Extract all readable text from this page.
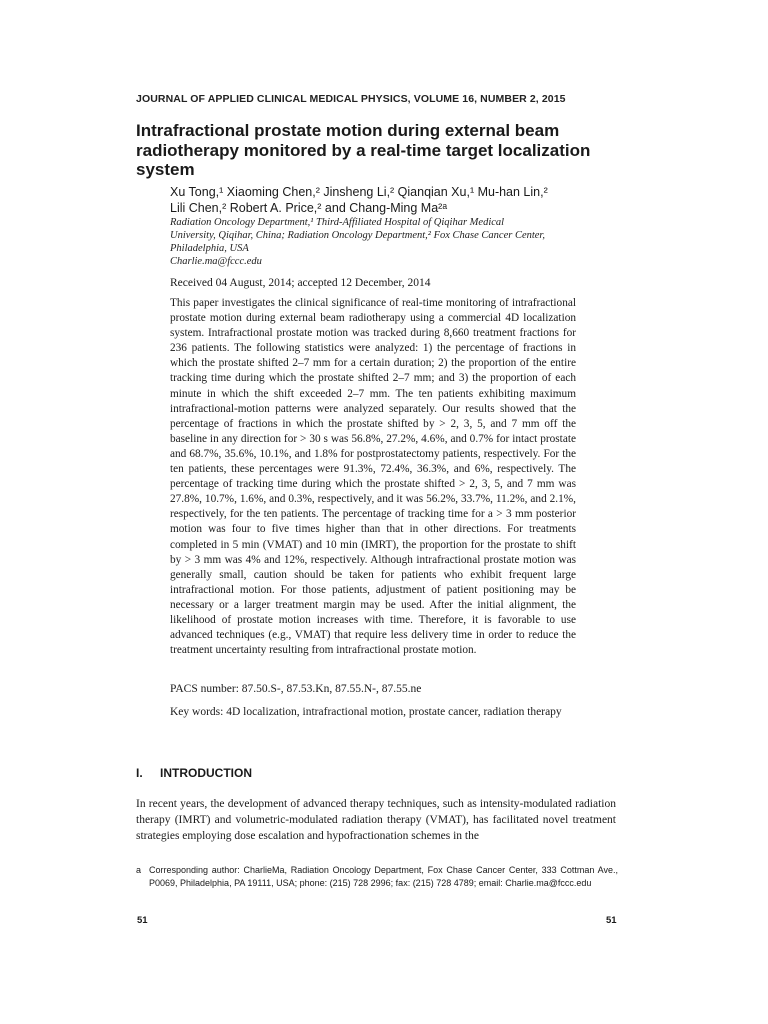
JOURNAL OF APPLIED CLINICAL MEDICAL PHYSICS, VOLUME 16, NUMBER 2, 2015
Intrafractional prostate motion during external beam radiotherapy monitored by a real-time target localization system
Xu Tong,¹ Xiaoming Chen,² Jinsheng Li,² Qianqian Xu,¹ Mu-han Lin,²
Lili Chen,² Robert A. Price,² and Chang-Ming Ma²ᵃ
Radiation Oncology Department,¹ Third-Affiliated Hospital of Qiqihar Medical
University, Qiqihar, China; Radiation Oncology Department,² Fox Chase Cancer Center,
Philadelphia, USA
Charlie.ma@fccc.edu
Received 04 August, 2014; accepted 12 December, 2014

This paper investigates the clinical significance of real-time monitoring of intrafractional prostate motion during external beam radiotherapy using a commercial 4D localization system. Intrafractional prostate motion was tracked during 8,660 treatment fractions for 236 patients. The following statistics were analyzed: 1) the percentage of fractions in which the prostate shifted 2–7 mm for a certain duration; 2) the proportion of the entire tracking time during which the prostate shifted 2–7 mm; and 3) the proportion of each minute in which the shift exceeded 2–7 mm. The ten patients exhibiting maximum intrafractional-motion patterns were analyzed separately. Our results showed that the percentage of fractions in which the prostate shifted by > 2, 3, 5, and 7 mm off the baseline in any direction for > 30 s was 56.8%, 27.2%, 4.6%, and 0.7% for intact prostate and 68.7%, 35.6%, 10.1%, and 1.8% for postprostatectomy patients, respectively. For the ten patients, these percentages were 91.3%, 72.4%, 36.3%, and 6%, respectively. The percentage of tracking time during which the prostate shifted > 2, 3, 5, and 7 mm was 27.8%, 10.7%, 1.6%, and 0.3%, respectively, and it was 56.2%, 33.7%, 11.2%, and 2.1%, respectively, for the ten patients. The percentage of tracking time for a > 3 mm posterior motion was four to five times higher than that in other directions. For treatments completed in 5 min (VMAT) and 10 min (IMRT), the proportion for the prostate to shift by > 3 mm was 4% and 12%, respectively. Although intrafractional prostate motion was generally small, caution should be taken for patients who exhibit frequent large intrafractional motion. For those patients, adjustment of patient positioning may be necessary or a larger treatment margin may be used. After the initial alignment, the likelihood of prostate motion increases with time. Therefore, it is favorable to use advanced techniques (e.g., VMAT) that require less delivery time in order to reduce the treatment uncertainty resulting from intrafractional prostate motion.

PACS number: 87.50.S-, 87.53.Kn, 87.55.N-, 87.55.ne

Key words: 4D localization, intrafractional motion, prostate cancer, radiation therapy

I. INTRODUCTION

In recent years, the development of advanced therapy techniques, such as intensity-modulated radiation therapy (IMRT) and volumetric-modulated radiation therapy (VMAT), has facilitated novel treatment strategies employing dose escalation and hypofractionation schemes in the

a Corresponding author: CharlieMa, Radiation Oncology Department, Fox Chase Cancer Center, 333 Cottman Ave., P0069, Philadelphia, PA 19111, USA; phone: (215) 728 2996; fax: (215) 728 4789; email: Charlie.ma@fccc.edu
51	51
